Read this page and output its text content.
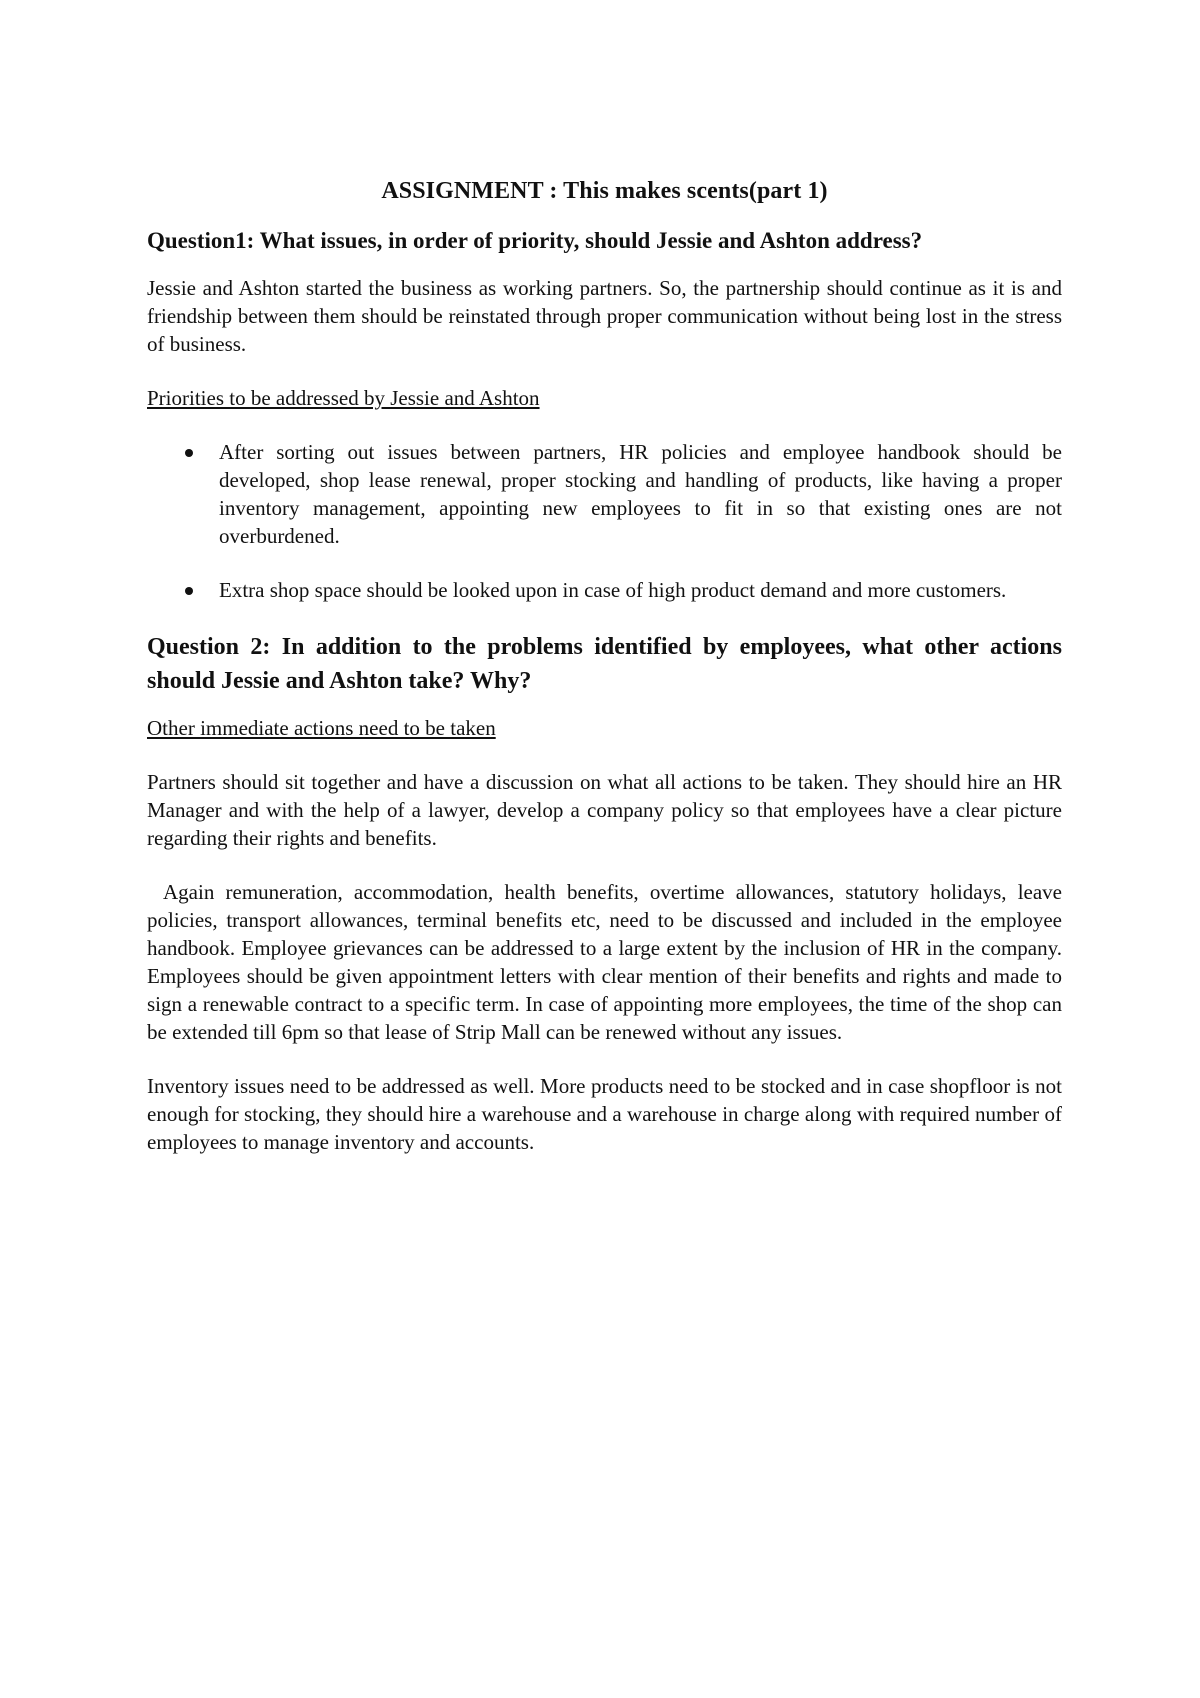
ASSIGNMENT : This makes scents(part 1)
Question1: What issues, in order of priority, should Jessie and Ashton address?

Jessie and Ashton started the business as working partners. So, the partnership should continue as it is and friendship between them should be reinstated through proper communication without being lost in the stress of business.

Priorities to be addressed by Jessie and Ashton

After sorting out issues between partners, HR policies and employee handbook should be developed, shop lease renewal, proper stocking and handling of products, like having a proper inventory management, appointing new employees to fit in so that existing ones are not overburdened.
Extra shop space should be looked upon in case of high product demand and more customers.
Question 2: In addition to the problems identified by employees, what other actions should Jessie and Ashton take? Why?

Other immediate actions need to be taken

Partners should sit together and have a discussion on what all actions to be taken. They should hire an HR Manager and with the help of a lawyer, develop a company policy so that employees have a clear picture regarding their rights and benefits.

Again remuneration, accommodation, health benefits, overtime allowances, statutory holidays, leave policies, transport allowances, terminal benefits etc, need to be discussed and included in the employee handbook. Employee grievances can be addressed to a large extent by the inclusion of HR in the company. Employees should be given appointment letters with clear mention of their benefits and rights and made to sign a renewable contract to a specific term. In case of appointing more employees, the time of the shop can be extended till 6pm so that lease of Strip Mall can be renewed without any issues.

Inventory issues need to be addressed as well. More products need to be stocked and in case shopfloor is not enough for stocking, they should hire a warehouse and a warehouse in charge along with required number of employees to manage inventory and accounts.
